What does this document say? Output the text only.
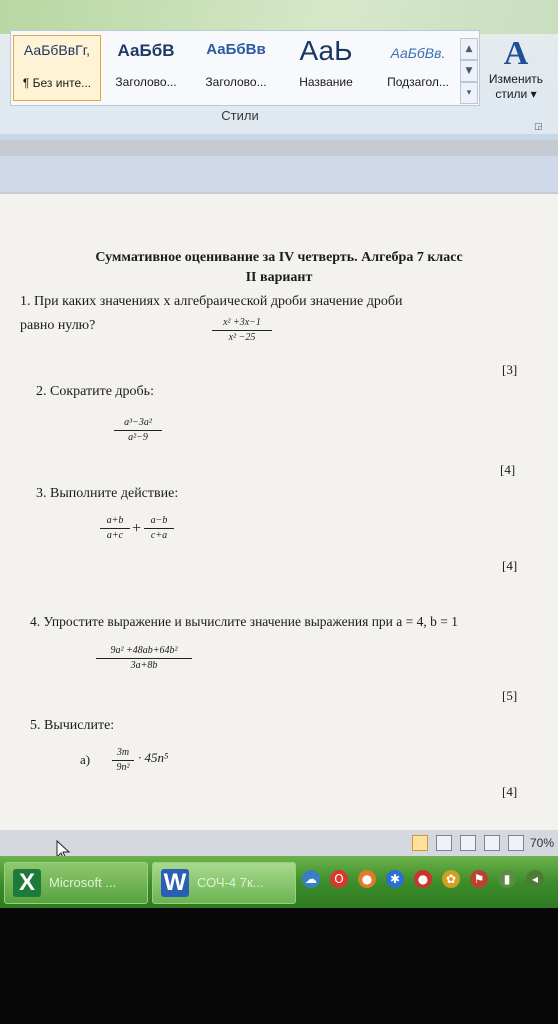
АаБбВвГг,
¶ Без инте...
АаБбВ
Заголово...
АаБбВв
Заголово...
АаЬ
Название
АаБбВв.
Подзагол...
▲
▼
▾
A
Изменить
стили ▾
Стили
◲
Суммативное оценивание за IV четверть. Алгебра 7 класс
II вариант
1. При каких значениях х алгебраической дроби значение дроби
равно нулю?	$\frac{\text{x² +3x−1}}{\text{x² −25}}$
[3]
2. Сократите дробь:
$\frac{\text{a³−3a²}}{\text{a²−9}}$
[4]
3. Выполните действие:
$\frac{a+b}{a+c} + \frac{a-b}{c+a}$
[4]
4. Упростите выражение и вычислите значение выражения при a = 4, b = 1
$\frac{\text{9a² +48ab+64b²}}{3a+8b}$
[5]
5. Вычислите:
$a) \frac{3m}{\text{9n²}} \cdot 45n^5$
[4]

70%
X	Microsoft ... W СОЧ-4 7к...	☁ O ● ✱ ● ✿ ⚑ ▮ ◂
